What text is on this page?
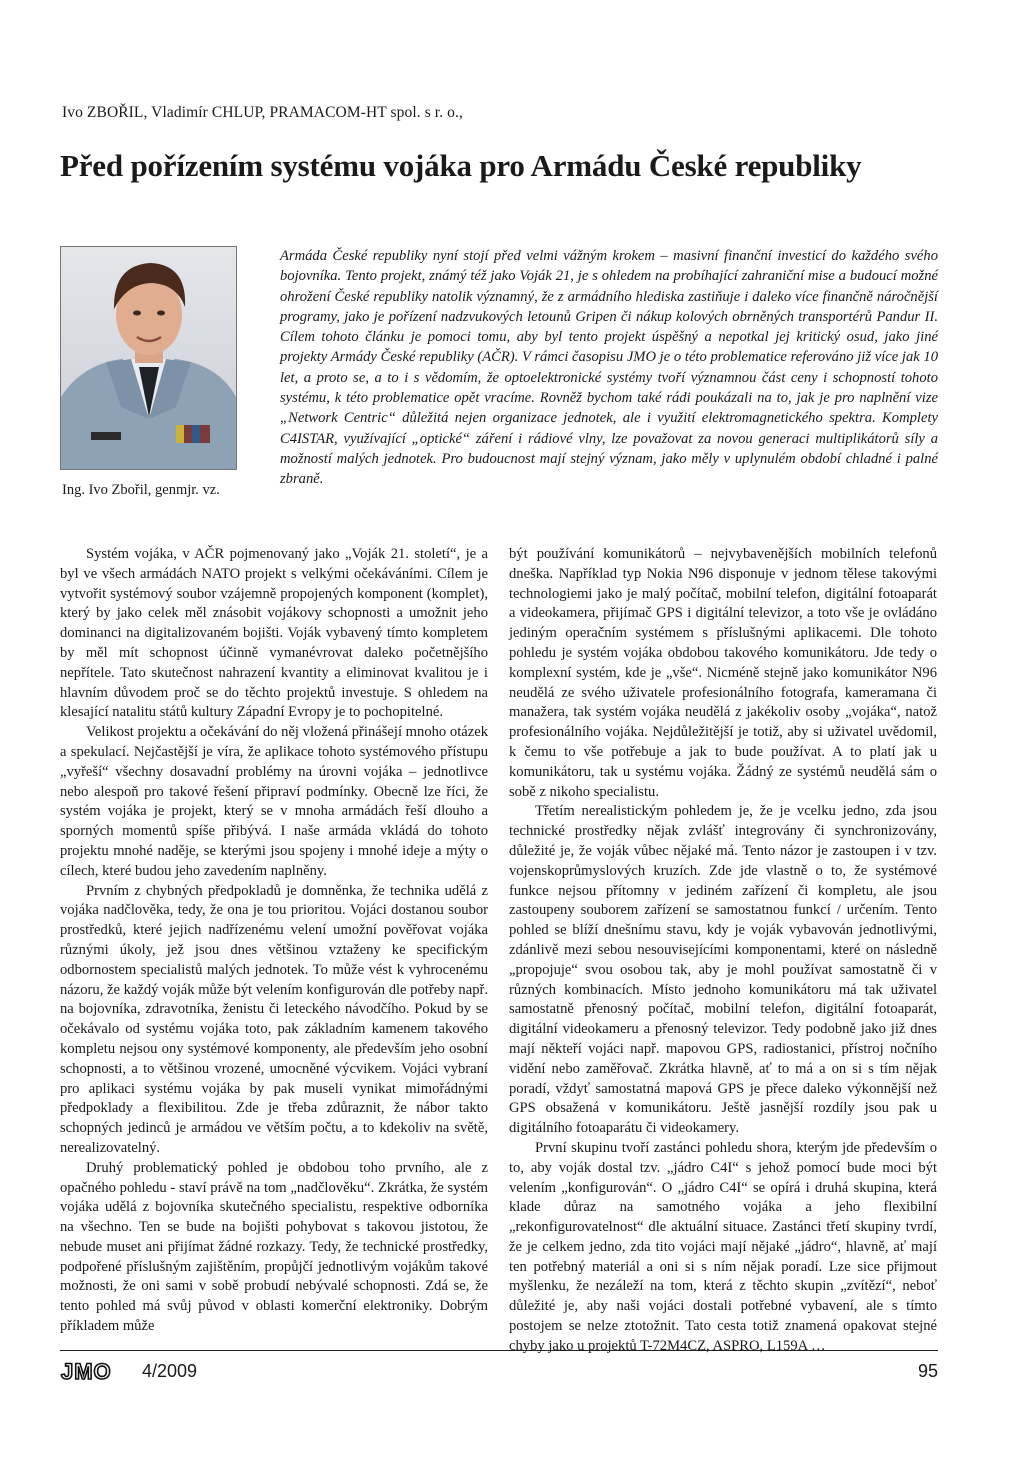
Ivo ZBOŘIL, Vladimír CHLUP, PRAMACOM-HT spol. s r. o.,
Před pořízením systému vojáka pro Armádu České republiky
Ing. Ivo Zbořil, genmjr. vz.

Armáda České republiky nyní stojí před velmi vážným krokem – masivní finanční investicí do každého svého bojovníka. Tento projekt, známý též jako Voják 21, je s ohledem na probíhající zahraniční mise a budoucí možné ohrožení České republiky natolik významný, že z armádního hlediska zastiňuje i daleko více finančně náročnější programy, jako je pořízení nadzvukových letounů Gripen či nákup kolových obrněných transportérů Pandur II. Cílem tohoto článku je pomoci tomu, aby byl tento projekt úspěšný a nepotkal jej kritický osud, jako jiné projekty Armády České republiky (AČR). V rámci časopisu JMO je o této problematice referováno již více jak 10 let, a proto se, a to i s vědomím, že optoelektronické systémy tvoří významnou část ceny i schopností tohoto systému, k této problematice opět vracíme. Rovněž bychom také rádi poukázali na to, jak je pro naplnění vize „Network Centric“ důležitá nejen organizace jednotek, ale i využití elektromagnetického spektra. Komplety C4ISTAR, využívající „optické“ záření i rádiové vlny, lze považovat za novou generaci multiplikátorů síly a možností malých jednotek. Pro budoucnost mají stejný význam, jako měly v uplynulém období chladné i palné zbraně.

Systém vojáka, v AČR pojmenovaný jako „Voják 21. století“, je a byl ve všech armádách NATO projekt s velkými očekáváními. Cílem je vytvořit systémový soubor vzájemně propojených komponent (komplet), který by jako celek měl znásobit vojákovy schopnosti a umožnit jeho dominanci na digitalizovaném bojišti. Voják vybavený tímto kompletem by měl mít schopnost účinně vymanévrovat daleko početnějšího nepřítele. Tato skutečnost nahrazení kvantity a eliminovat kvalitou je i hlavním důvodem proč se do těchto projektů investuje. S ohledem na klesající natalitu států kultury Západní Evropy je to pochopitelné.

Velikost projektu a očekávání do něj vložená přinášejí mnoho otázek a spekulací. Nejčastější je víra, že aplikace tohoto systémového přístupu „vyřeší“ všechny dosavadní problémy na úrovni vojáka – jednotlivce nebo alespoň pro takové řešení připraví podmínky. Obecně lze říci, že systém vojáka je projekt, který se v mnoha armádách řeší dlouho a sporných momentů spíše přibývá. I naše armáda vkládá do tohoto projektu mnohé naděje, se kterými jsou spojeny i mnohé ideje a mýty o cílech, které budou jeho zavedením naplněny.

Prvním z chybných předpokladů je domněnka, že technika udělá z vojáka nadčlověka, tedy, že ona je tou prioritou. Vojáci dostanou soubor prostředků, které jejich nadřízenému velení umožní pověřovat vojáka různými úkoly, jež jsou dnes většinou vztaženy ke specifickým odbornostem specialistů malých jednotek. To může vést k vyhrocenému názoru, že každý voják může být velením konfigurován dle potřeby např. na bojovníka, zdravotníka, ženistu či leteckého návodčího. Pokud by se očekávalo od systému vojáka toto, pak základním kamenem takového kompletu nejsou ony systémové komponenty, ale především jeho osobní schopnosti, a to většinou vrozené, umocněné výcvikem. Vojáci vybraní pro aplikaci systému vojáka by pak museli vynikat mimořádnými předpoklady a flexibilitou. Zde je třeba zdůraznit, že nábor takto schopných jedinců je armádou ve větším počtu, a to kdekoliv na světě, nerealizovatelný.

Druhý problematický pohled je obdobou toho prvního, ale z opačného pohledu - staví právě na tom „nadčlověku“. Zkrátka, že systém vojáka udělá z bojovníka skutečného specialistu, respektive odborníka na všechno. Ten se bude na bojišti pohybovat s takovou jistotou, že nebude muset ani přijímat žádné rozkazy. Tedy, že technické prostředky, podpořené příslušným zajištěním, propůjčí jednotlivým vojákům takové možnosti, že oni sami v sobě probudí nebývalé schopnosti. Zdá se, že tento pohled má svůj původ v oblasti komerční elektroniky. Dobrým příkladem může

být používání komunikátorů – nejvybavenějších mobilních telefonů dneška. Například typ Nokia N96 disponuje v jednom tělese takovými technologiemi jako je malý počítač, mobilní telefon, digitální fotoaparát a videokamera, přijímač GPS i digitální televizor, a toto vše je ovládáno jediným operačním systémem s příslušnými aplikacemi. Dle tohoto pohledu je systém vojáka obdobou takového komunikátoru. Jde tedy o komplexní systém, kde je „vše“. Nicméně stejně jako komunikátor N96 neudělá ze svého uživatele profesionálního fotografa, kameramana či manažera, tak systém vojáka neudělá z jakékoliv osoby „vojáka“, natož profesionálního vojáka. Nejdůležitější je totiž, aby si uživatel uvědomil, k čemu to vše potřebuje a jak to bude používat. A to platí jak u komunikátoru, tak u systému vojáka. Žádný ze systémů neudělá sám o sobě z nikoho specialistu.

Třetím nerealistickým pohledem je, že je vcelku jedno, zda jsou technické prostředky nějak zvlášť integrovány či synchronizovány, důležité je, že voják vůbec nějaké má. Tento názor je zastoupen i v tzv. vojenskoprůmyslových kruzích. Zde jde vlastně o to, že systémové funkce nejsou přítomny v jediném zařízení či kompletu, ale jsou zastoupeny souborem zařízení se samostatnou funkcí / určením. Tento pohled se blíží dnešnímu stavu, kdy je voják vybavován jednotlivými, zdánlivě mezi sebou nesouvisejícími komponentami, které on následně „propojuje“ svou osobou tak, aby je mohl používat samostatně či v různých kombinacích. Místo jednoho komunikátoru má tak uživatel samostatně přenosný počítač, mobilní telefon, digitální fotoaparát, digitální videokameru a přenosný televizor. Tedy podobně jako již dnes mají někteří vojáci např. mapovou GPS, radiostanici, přístroj nočního vidění nebo zaměřovač. Zkrátka hlavně, ať to má a on si s tím nějak poradí, vždyť samostatná mapová GPS je přece daleko výkonnější než GPS obsažená v komunikátoru. Ještě jasnější rozdíly jsou pak u digitálního fotoaparátu či videokamery.

První skupinu tvoří zastánci pohledu shora, kterým jde především o to, aby voják dostal tzv. „jádro C4I“ s jehož pomocí bude moci být velením „konfigurován“. O „jádro C4I“ se opírá i druhá skupina, která klade důraz na samotného vojáka a jeho flexibilní „rekonfigurovatelnost“ dle aktuální situace. Zastánci třetí skupiny tvrdí, že je celkem jedno, zda tito vojáci mají nějaké „jádro“, hlavně, ať mají ten potřebný materiál a oni si s ním nějak poradí. Lze sice přijmout myšlenku, že nezáleží na tom, která z těchto skupin „zvítězí“, neboť důležité je, aby naši vojáci dostali potřebné vybavení, ale s tímto postojem se nelze ztotožnit. Tato cesta totiž znamená opakovat stejné chyby jako u projektů T-72M4CZ, ASPRO, L159A …

JMO 4/2009	95
